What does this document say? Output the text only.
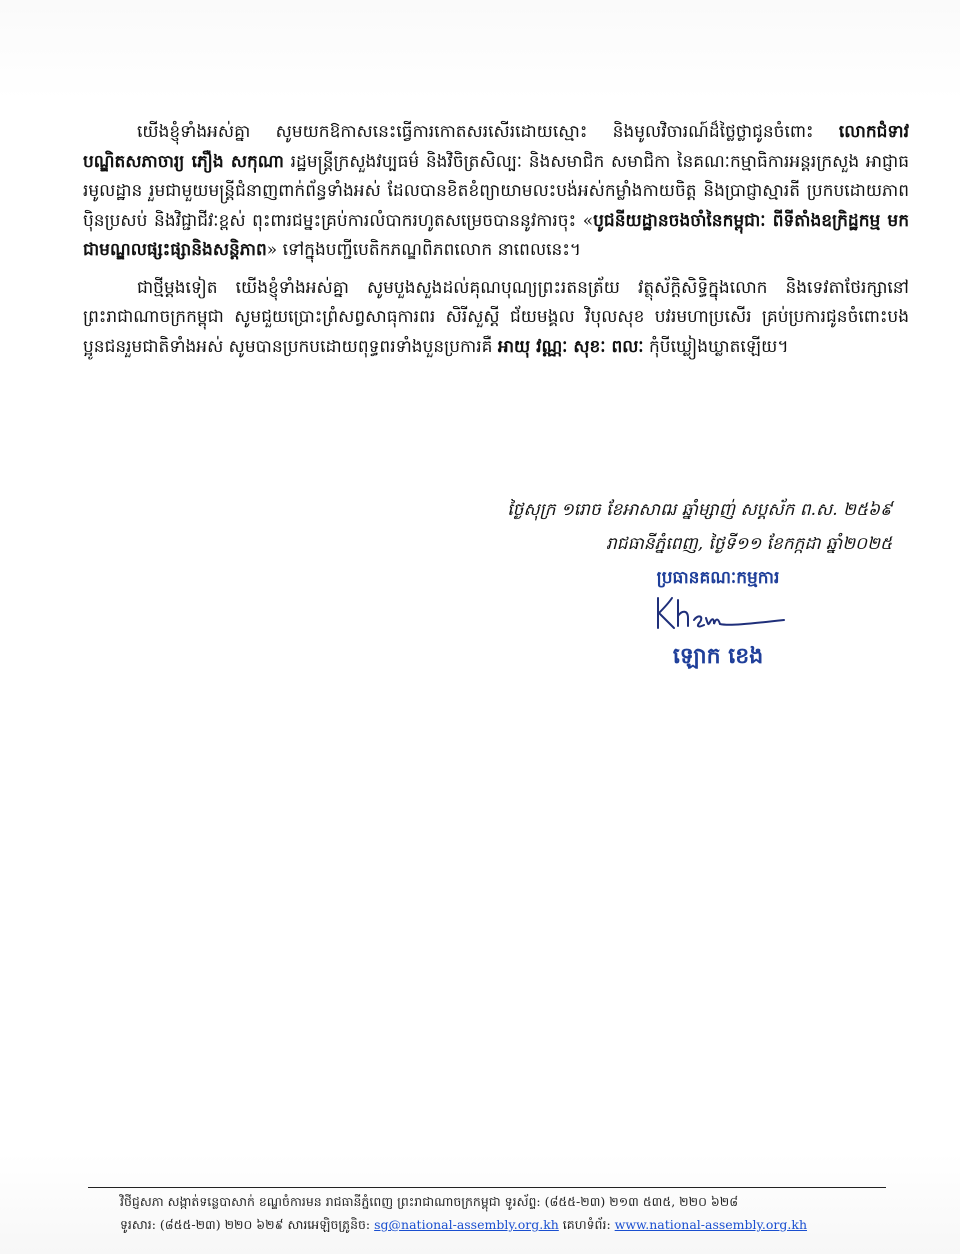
យើងខ្ញុំទាំងអស់គ្នា សូមយកឱកាសនេះធ្វើការកោតសរសើរដោយស្មោះ និងមូលវិចារណ៍ដ៏ថ្លៃថ្លាជូនចំពោះ លោកជំទាវបណ្ឌិតសភាចារ្យ ភឿង សកុណា រដ្ឋមន្ត្រីក្រសួងវប្បធម៌ និងវិចិត្រសិល្បៈ និងសមាជិក សមាជិកា នៃគណៈកម្មាធិការអន្តរក្រសួង អាជ្ញាធរមូលដ្ឋាន រួមជាមួយមន្ត្រីជំនាញពាក់ព័ន្ធទាំងអស់ ដែលបានខិតខំព្យាយាមលះបង់អស់កម្លាំងកាយចិត្ត និងប្រាជ្ញាស្មារតី ប្រកបដោយភាពប៉ិនប្រសប់ និងវិជ្ជាជីវៈខ្ពស់ ពុះពារជម្នះគ្រប់ការលំបាករហូតសម្រេចបាននូវការចុះ «បូជនីយដ្ឋានចងចាំនៃកម្ពុជាៈ ពីទីតាំងឧក្រិដ្ឋកម្ម មកជាមណ្ឌលផ្សះផ្សានិងសន្តិភាព» ទៅក្នុងបញ្ជីបេតិកភណ្ឌពិភពលោក នាពេលនេះ។

ជាថ្មីម្តងទៀត យើងខ្ញុំទាំងអស់គ្នា សូមបួងសួងដល់គុណបុណ្យព្រះរតនត្រ័យ វត្ថុស័ក្តិសិទ្ធិក្នុងលោក និងទេវតាថែរក្សានៅព្រះរាជាណាចក្រកម្ពុជា សូមជួយប្រោះព្រំសព្វសាធុការពរ សិរីសួស្តី ជ័យមង្គល វិបុលសុខ បវរមហាប្រសើរ គ្រប់ប្រការជូនចំពោះបងប្អូនជនរួមជាតិទាំងអស់ សូមបានប្រកបដោយពុទ្ធពរទាំងបួនប្រការគឺ អាយុ វណ្ណៈ សុខៈ ពលៈ កុំបីឃ្លៀងឃ្លាតឡើយ។

ថ្ងៃសុក្រ ១រោច ខែអាសាឍ ឆ្នាំម្សាញ់ សប្តស័ក ព.ស. ២៥៦៩
រាជធានីភ្នំពេញ, ថ្ងៃទី១១ ខែកក្កដា ឆ្នាំ២០២៥
ប្រធានគណៈកម្មការ
ឡោក ខេង
វិថីជ្ញសភា សង្កាត់ទន្លេបាសាក់ ខណ្ឌចំការមន រាជធានីភ្នំពេញ ព្រះរាជាណាចក្រកម្ពុជា ទូរស័ព្ទ: (៨៥៥-២៣) ២១៣ ៥៣៥, ២២០ ៦២៨
ទូរសារ: (៨៥៥-២៣) ២២០ ៦២៩ សារអេឡិចត្រូនិច: sg@national-assembly.org.kh គេហទំព័រ: www.national-assembly.org.kh
